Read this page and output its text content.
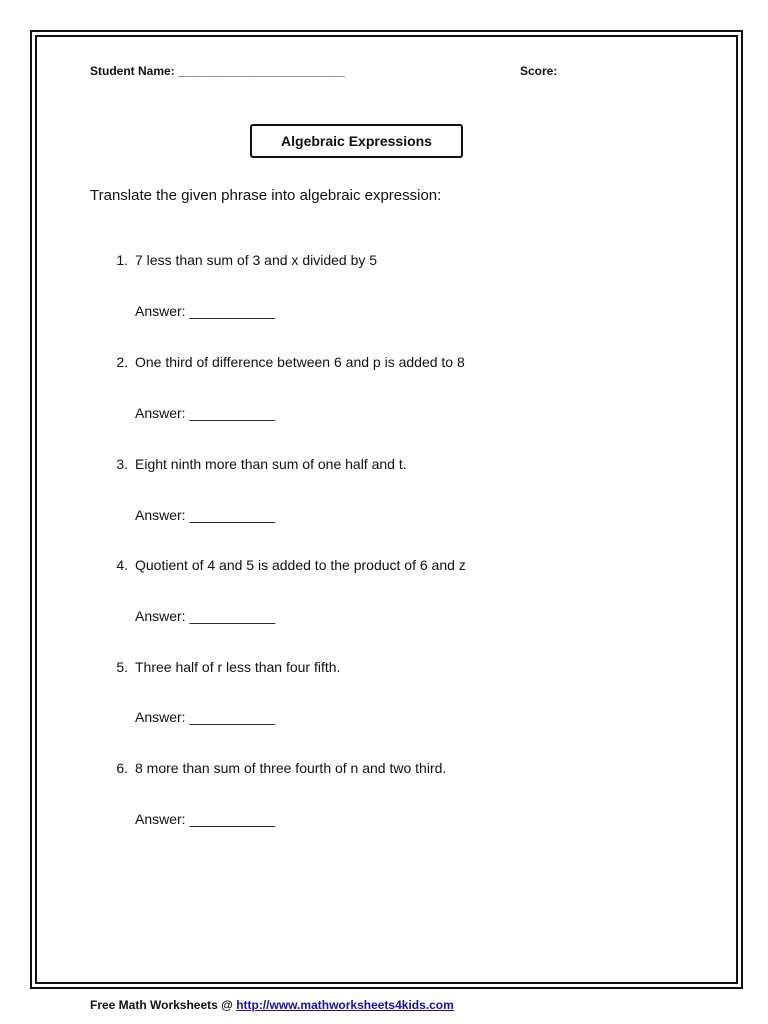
Student Name: _________________________	Score:
Algebraic Expressions
Translate the given phrase into algebraic expression:
1. 7 less than sum of 3 and x divided by 5
Answer: ___________
2. One third of difference between 6 and p is added to 8
Answer: ___________
3. Eight ninth more than sum of one half and t.
Answer: ___________
4. Quotient of 4 and 5 is added to the product of 6 and z
Answer: ___________
5. Three half of r less than four fifth.
Answer: ___________
6. 8 more than sum of three fourth of n and two third.
Answer: ___________
Free Math Worksheets @ http://www.mathworksheets4kids.com
